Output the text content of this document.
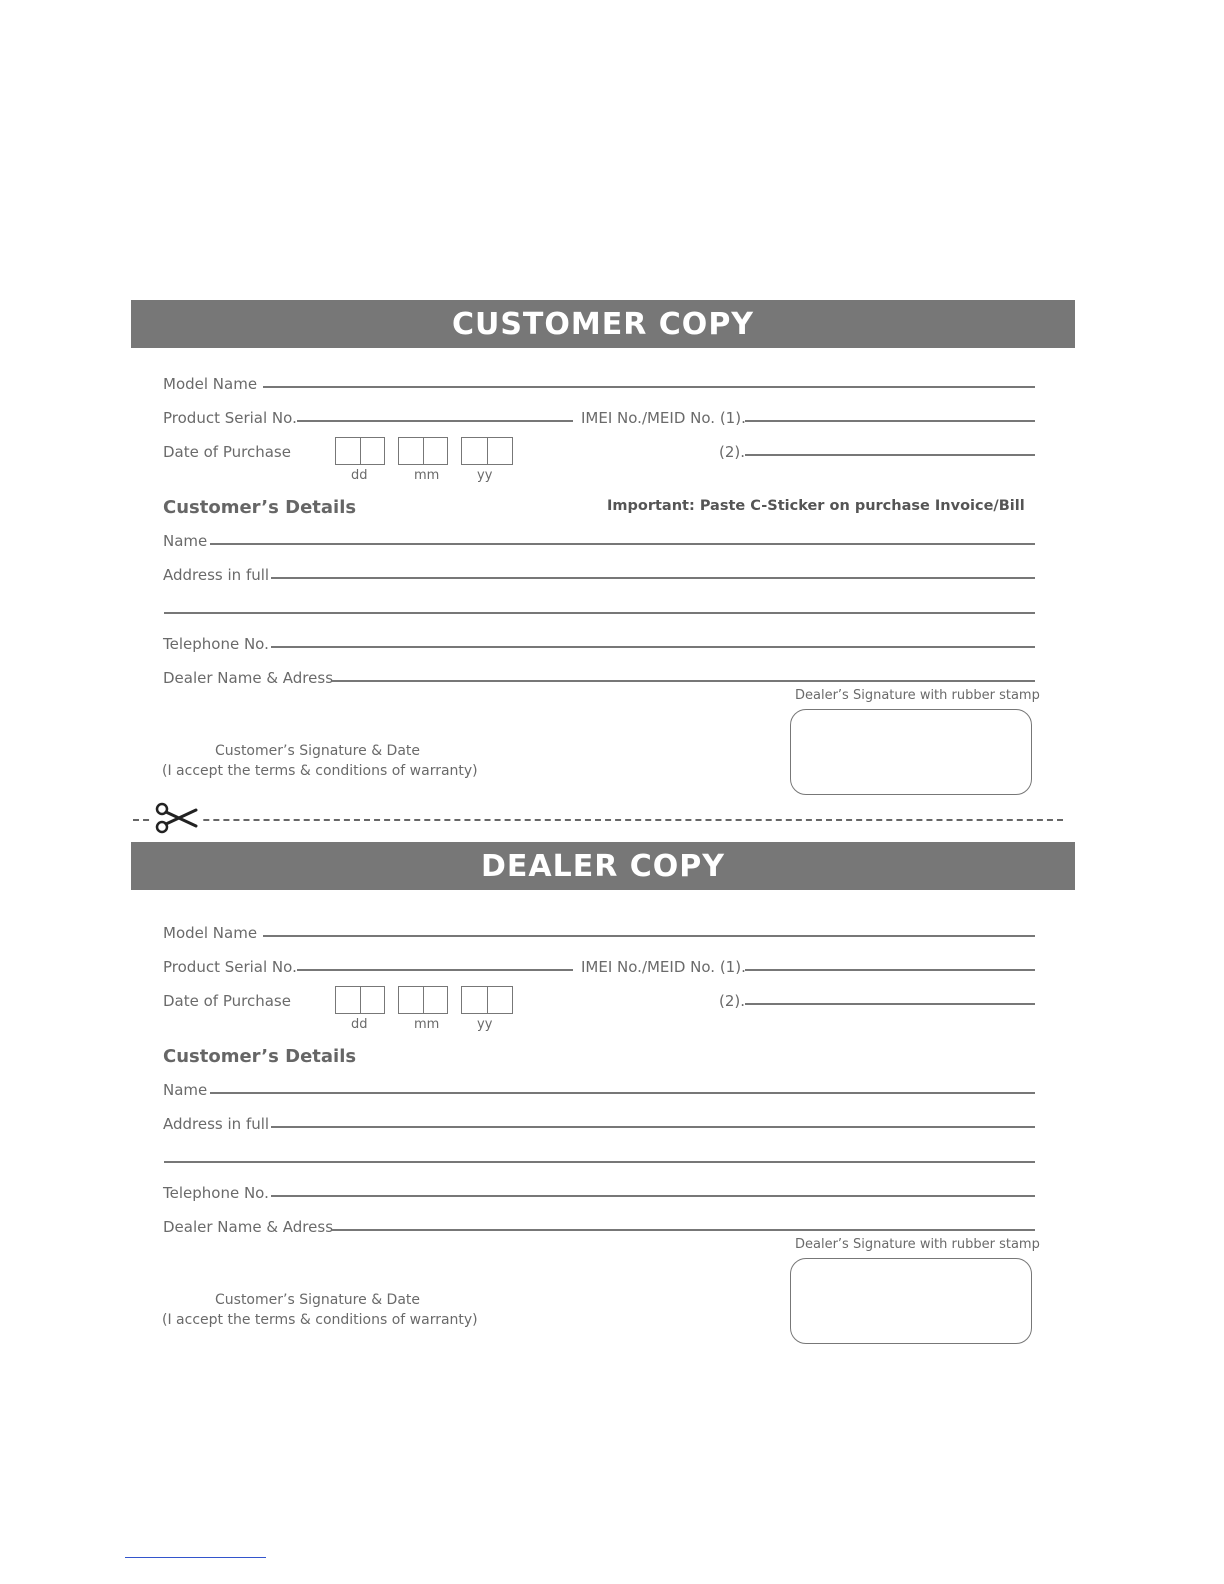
CUSTOMER COPY
Model Name
Product Serial No.	IMEI No./MEID No. (1).
Date of Purchase
dd	mm	yy
(2).
Customer’s Details	Important: Paste C-Sticker on purchase Invoice/Bill
Name
Address in full
Telephone No.
Dealer Name & Adress
Dealer’s Signature with rubber stamp
Customer’s Signature & Date
(I accept the terms & conditions of warranty)
DEALER COPY
Model Name
Product Serial No.	IMEI No./MEID No. (1).
Date of Purchase
dd	mm	yy
(2).
Customer’s Details
Name
Address in full
Telephone No.
Dealer Name & Adress
Dealer’s Signature with rubber stamp
Customer’s Signature & Date
(I accept the terms & conditions of warranty)
